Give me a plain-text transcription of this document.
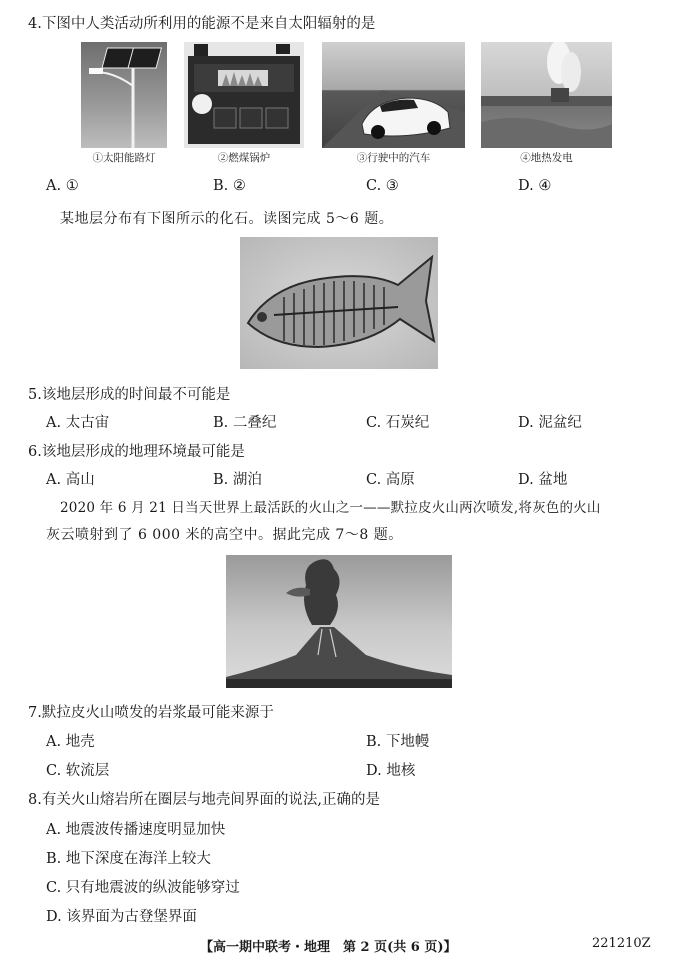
4.下图中人类活动所利用的能源不是来自太阳辐射的是
①太阳能路灯	②燃煤锅炉	③行驶中的汽车	④地热发电
A. ①	B. ②	C. ③	D. ④
某地层分布有下图所示的化石。读图完成 5～6 题。
5.该地层形成的时间最不可能是
A. 太古宙	B. 二叠纪	C. 石炭纪	D. 泥盆纪
6.该地层形成的地理环境最可能是
A. 高山	B. 湖泊	C. 高原	D. 盆地
2020 年 6 月 21 日当天世界上最活跃的火山之一——默拉皮火山两次喷发,将灰色的火山
灰云喷射到了 6 000 米的高空中。据此完成 7～8 题。
7.默拉皮火山喷发的岩浆最可能来源于
A. 地壳	B. 下地幔
C. 软流层	D. 地核
8.有关火山熔岩所在圈层与地壳间界面的说法,正确的是
A. 地震波传播速度明显加快
B. 地下深度在海洋上较大
C. 只有地震波的纵波能够穿过
D. 该界面为古登堡界面
【高一期中联考・地理　第 2 页(共 6 页)】	221210Z
